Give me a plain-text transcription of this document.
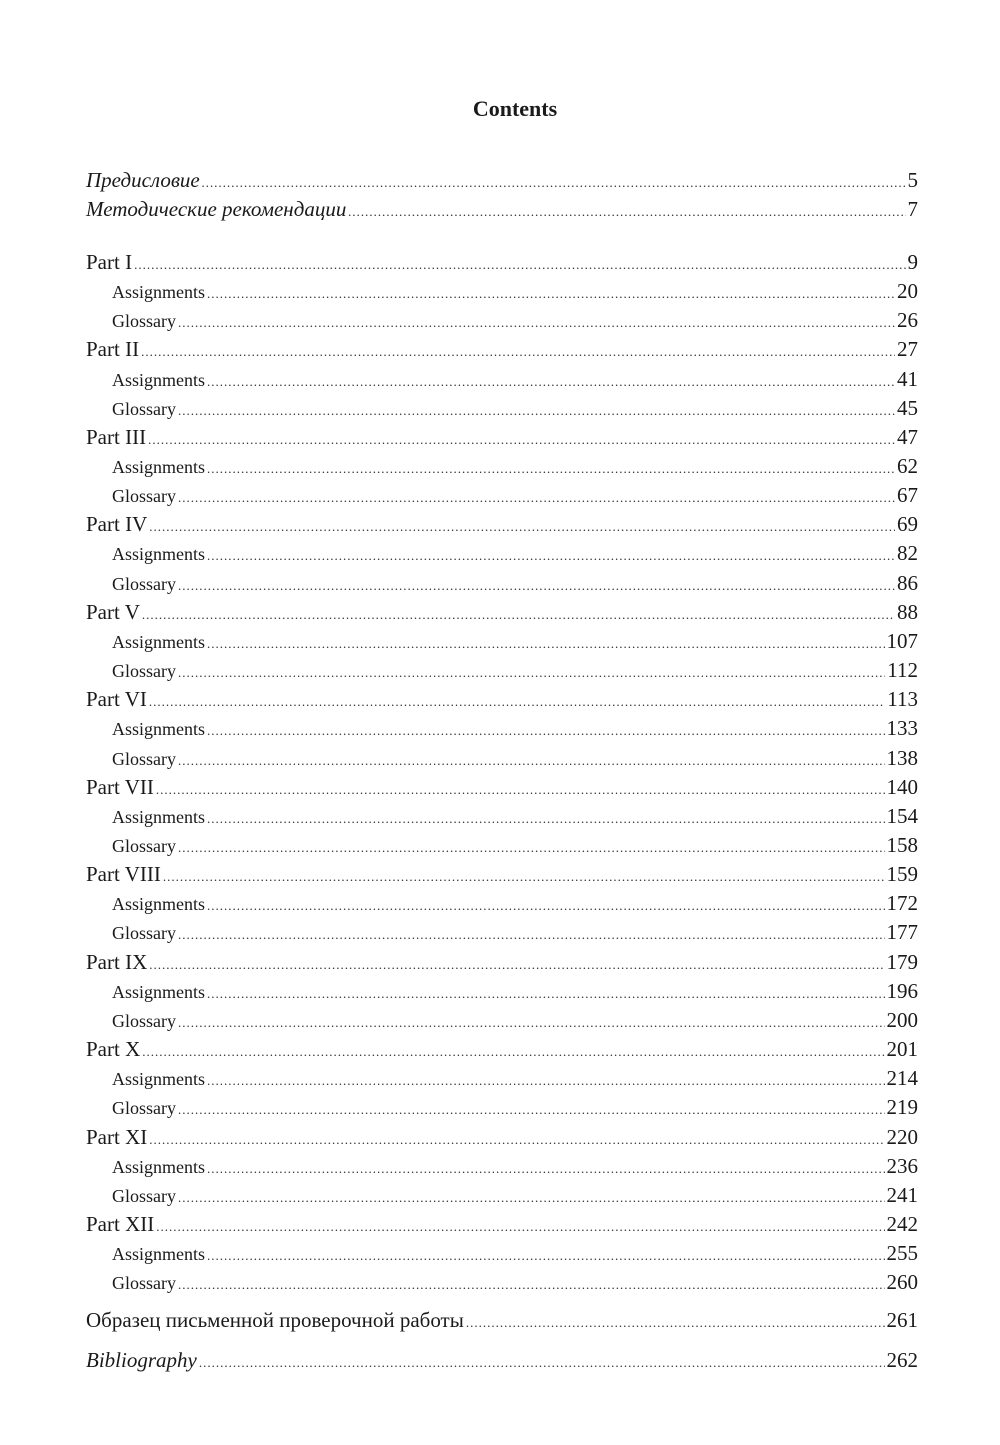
Contents
Предисловие .....	5
Методические рекомендации .....	7
Part I .....	9
Assignments .....	20
Glossary .....	26
Part II .....	27
Assignments .....	41
Glossary .....	45
Part III .....	47
Assignments .....	62
Glossary .....	67
Part IV .....	69
Assignments .....	82
Glossary .....	86
Part V .....	88
Assignments .....	107
Glossary .....	112
Part VI .....	113
Assignments .....	133
Glossary .....	138
Part VII .....	140
Assignments .....	154
Glossary .....	158
Part VIII .....	159
Assignments .....	172
Glossary .....	177
Part IX .....	179
Assignments .....	196
Glossary .....	200
Part X .....	201
Assignments .....	214
Glossary .....	219
Part XI .....	220
Assignments .....	236
Glossary .....	241
Part XII .....	242
Assignments .....	255
Glossary .....	260
Образец письменной проверочной работы .....	261
Bibliography .....	262
